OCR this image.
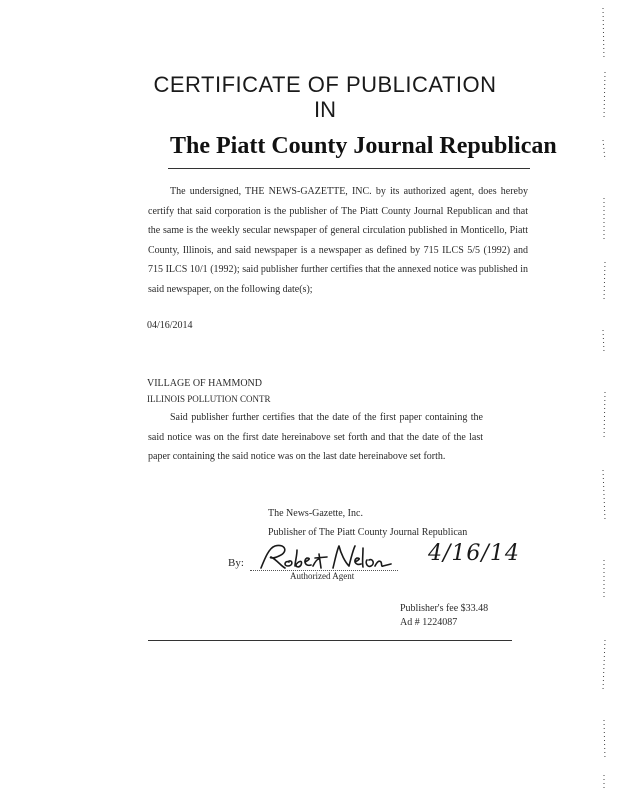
CERTIFICATE OF PUBLICATION
IN
The Piatt County Journal Republican
The undersigned, THE NEWS-GAZETTE, INC. by its authorized agent, does hereby certify that said corporation is the publisher of The Piatt County Journal Republican and that the same is the weekly secular newspaper of general circulation published in Monticello, Piatt County, Illinois, and said newspaper is a newspaper as defined by 715 ILCS 5/5 (1992) and 715 ILCS 10/1 (1992); said publisher further certifies that the annexed notice was published in said newspaper, on the following date(s);
04/16/2014
VILLAGE OF HAMMOND
ILLINOIS POLLUTION CONTR
Said publisher further certifies that the date of the first paper containing the said notice was on the first date hereinabove set forth and that the date of the last paper containing the said notice was on the last date hereinabove set forth.
The News-Gazette, Inc.
Publisher of The Piatt County Journal Republican
By:
Authorized Agent
4/16/14
Publisher's fee $33.48
Ad # 1224087
